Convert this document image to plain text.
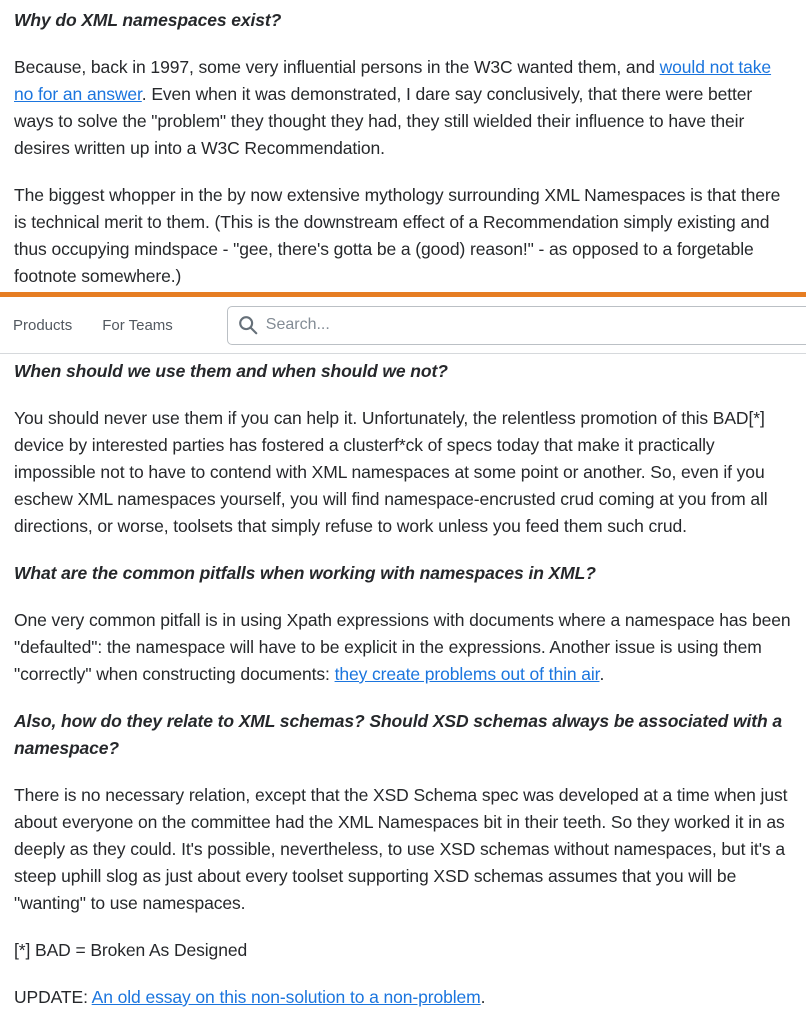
Why do XML namespaces exist?

Because, back in 1997, some very influential persons in the W3C wanted them, and would not take no for an answer. Even when it was demonstrated, I dare say conclusively, that there were better ways to solve the "problem" they thought they had, they still wielded their influence to have their desires written up into a W3C Recommendation.

The biggest whopper in the by now extensive mythology surrounding XML Namespaces is that there is technical merit to them. (This is the downstream effect of a Recommendation simply existing and thus occupying mindspace - "gee, there's gotta be a (good) reason!" - as opposed to a forgetable footnote somewhere.)

Products For Teams
Search...
When should we use them and when should we not?

You should never use them if you can help it. Unfortunately, the relentless promotion of this BAD[*] device by interested parties has fostered a clusterf*ck of specs today that make it practically impossible not to have to contend with XML namespaces at some point or another. So, even if you eschew XML namespaces yourself, you will find namespace-encrusted crud coming at you from all directions, or worse, toolsets that simply refuse to work unless you feed them such crud.

What are the common pitfalls when working with namespaces in XML?

One very common pitfall is in using Xpath expressions with documents where a namespace has been "defaulted": the namespace will have to be explicit in the expressions. Another issue is using them "correctly" when constructing documents: they create problems out of thin air.

Also, how do they relate to XML schemas? Should XSD schemas always be associated with a namespace?

There is no necessary relation, except that the XSD Schema spec was developed at a time when just about everyone on the committee had the XML Namespaces bit in their teeth. So they worked it in as deeply as they could. It's possible, nevertheless, to use XSD schemas without namespaces, but it's a steep uphill slog as just about every toolset supporting XSD schemas assumes that you will be "wanting" to use namespaces.

[*] BAD = Broken As Designed

UPDATE: An old essay on this non-solution to a non-problem.
